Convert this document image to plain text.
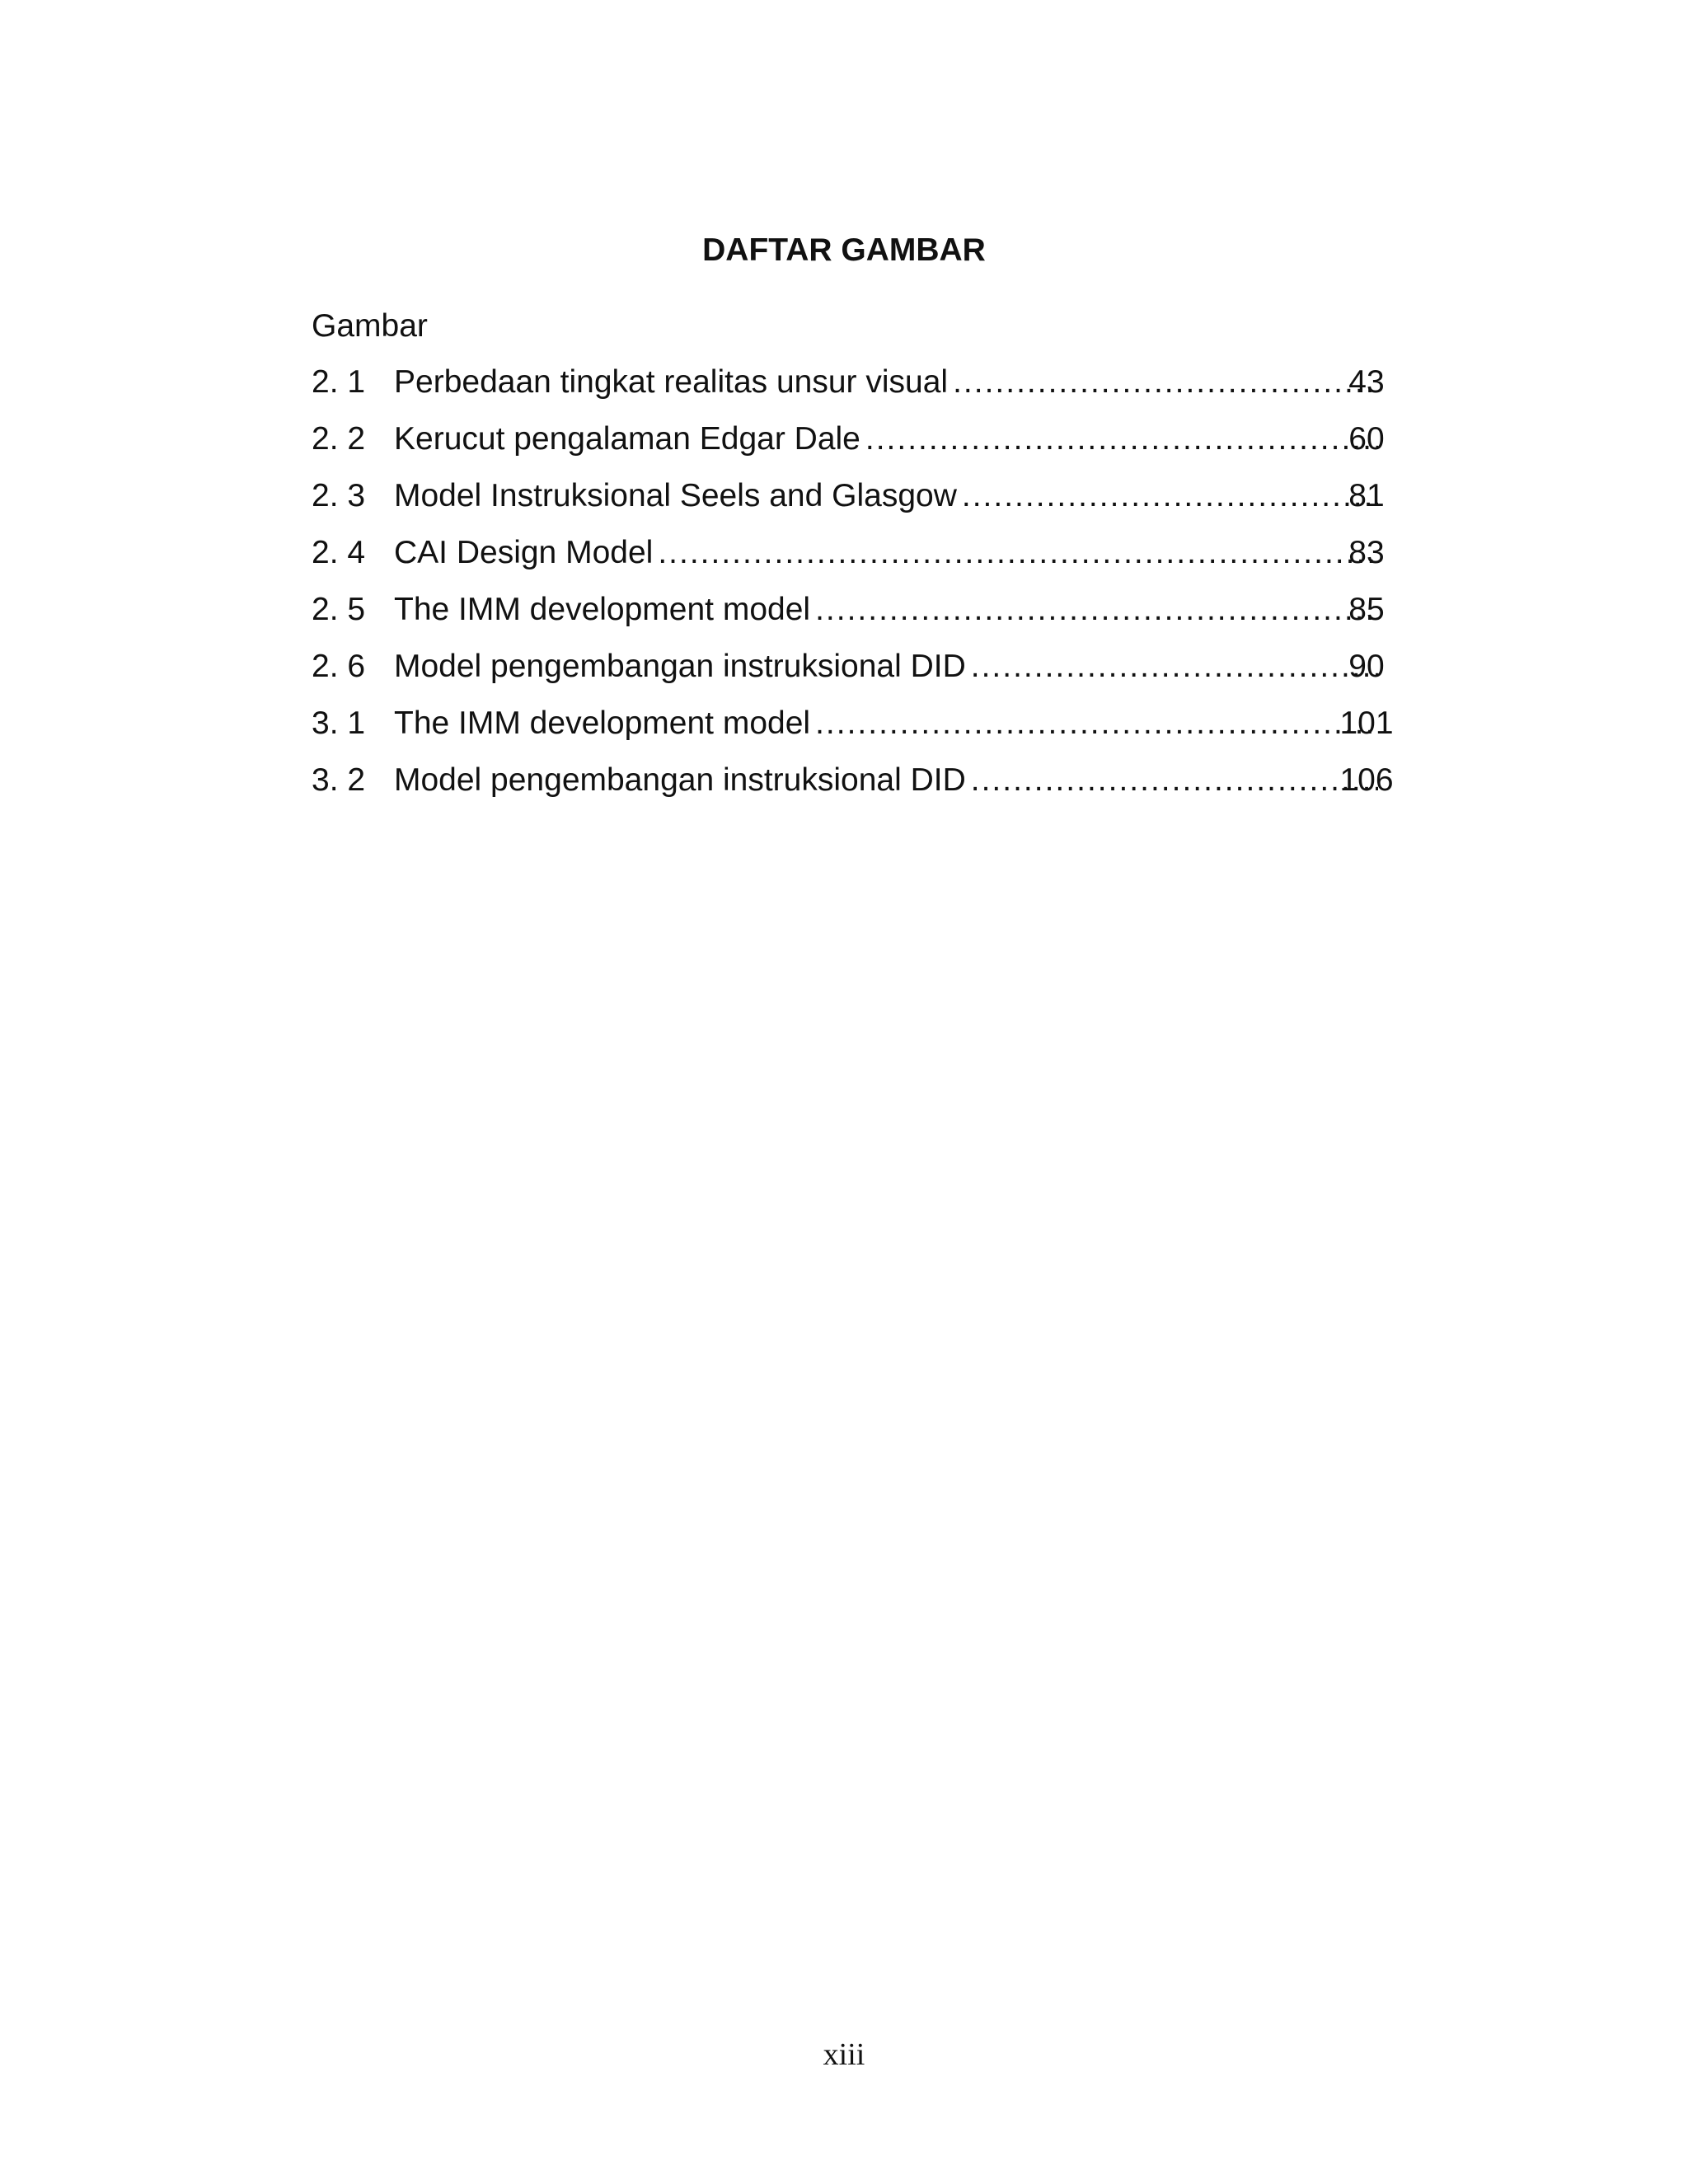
DAFTAR GAMBAR
Gambar
2. 1 Perbedaan tingkat realitas unsur visual .....	43
2. 2 Kerucut pengalaman Edgar Dale .....	60
2. 3 Model Instruksional Seels and Glasgow .....	81
2. 4 CAI Design Model .....	83
2. 5 The IMM development model .....	85
2. 6 Model pengembangan instruksional DID .....	90
3. 1 The IMM development model .....	101
3. 2 Model pengembangan instruksional DID .....	106
xiii
